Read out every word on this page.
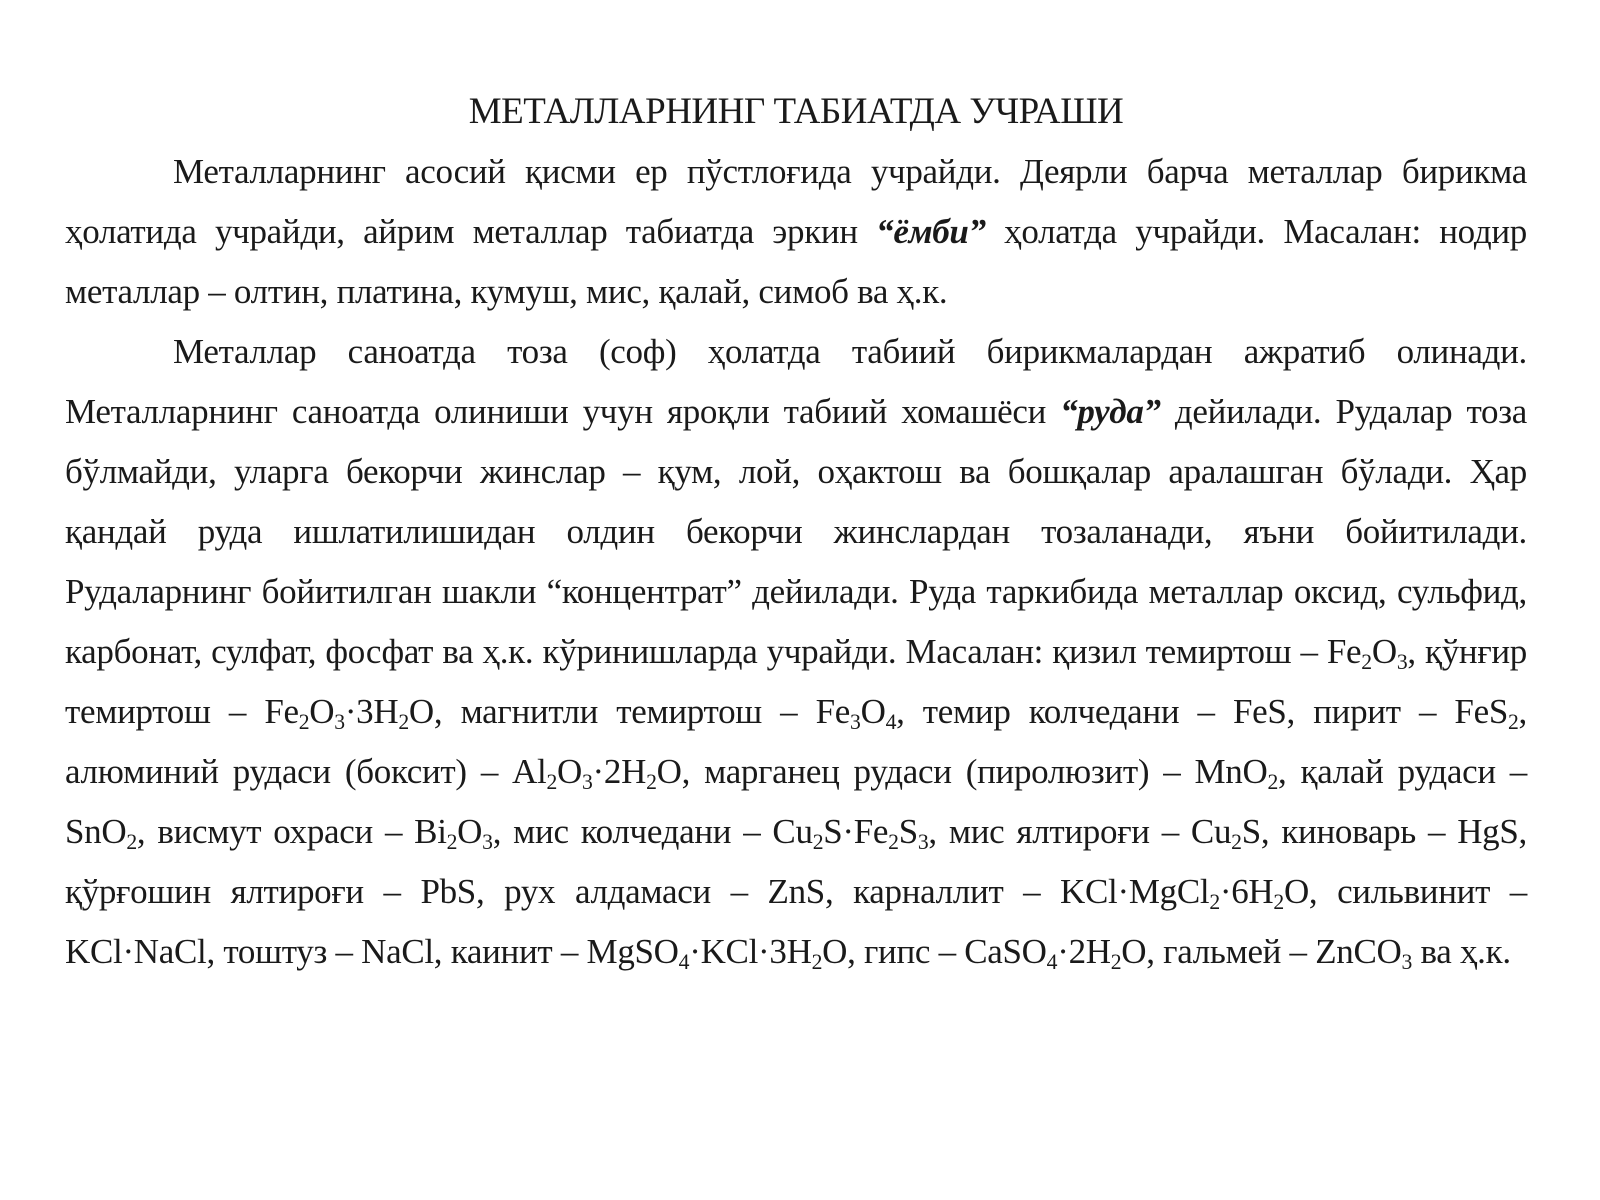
МЕТАЛЛАРНИНГ ТАБИАТДА УЧРАШИ

Металларнинг асосий қисми ер пўстлоғида учрайди. Деярли барча металлар бирикма ҳолатида учрайди, айрим металлар табиатда эркин “ёмби” ҳолатда учрайди. Масалан: нодир металлар – олтин, платина, кумуш, мис, қалай, симоб ва ҳ.к.

Металлар саноатда тоза (соф) ҳолатда табиий бирикмалардан ажратиб олинади. Металларнинг саноатда олиниши учун яроқли табиий хомашёси “руда” дейилади. Рудалар тоза бўлмайди, уларга бекорчи жинслар – қум, лой, оҳактош ва бошқалар аралашган бўлади. Ҳар қандай руда ишлатилишидан олдин бекорчи жинслардан тозаланади, яъни бойитилади. Рудаларнинг бойитилган шакли “концентрат” дейилади. Руда таркибида металлар оксид, сульфид, карбонат, сулфат, фосфат ва ҳ.к. кўринишларда учрайди. Масалан: қизил темиртош – $Fe_2O_3$, қўнғир темиртош – $Fe_2O_3\cdot 3H_2O$, магнитли темиртош – $Fe_3O_4$, темир колчедани – FeS, пирит – FeS$_2$, алюминий рудаси (боксит) – $Al_2O_3\cdot 2H_2O$, марганец рудаси (пиролюзит) – MnO$_2$, қалай рудаси – SnO$_2$, висмут охраси – $Bi_2O_3$, мис колчедани – $Cu_2S\cdot Fe_2S_3$, мис ялтироғи – $Cu_2S$, киноварь – HgS, қўрғошин ялтироғи – PbS, рух алдамаси – ZnS, карналлит – $KCl\cdot MgCl_2\cdot 6H_2O$, сильвинит – KCl·NaCl, тоштуз – NaCl, каинит – $MgSO_4\cdot KCl\cdot 3H_2O$, гипс – $CaSO_4\cdot 2H_2O$, гальмей – ZnCO$_3$ ва ҳ.к.
